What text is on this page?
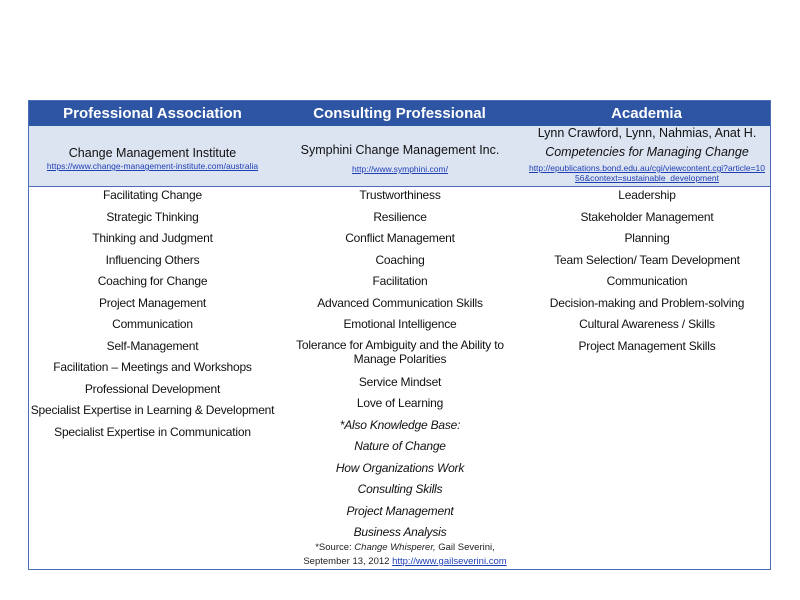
Professional Association	Consulting Professional	Academia
Change Management Institute
https://www.change-management-institute.com/australia
Symphini Change Management Inc.
http://www.symphini.com/
Lynn Crawford, Lynn, Nahmias, Anat H.
Competencies for Managing Change
http://epublications.bond.edu.au/cgi/viewcontent.cgi?article=10
56&context=sustainable_development
Facilitating Change
Strategic Thinking
Thinking and Judgment
Influencing Others
Coaching for Change
Project Management
Communication
Self-Management
Facilitation – Meetings and Workshops
Professional Development
Specialist Expertise in Learning & Development
Specialist Expertise in Communication
Trustworthiness
Resilience
Conflict Management
Coaching
Facilitation
Advanced Communication Skills
Emotional Intelligence
Tolerance for Ambiguity and the Ability to Manage Polarities
Service Mindset
Love of Learning
*Also Knowledge Base:
Nature of Change
How Organizations Work
Consulting Skills
Project Management
Business Analysis
Leadership
Stakeholder Management
Planning
Team Selection/ Team Development
Communication
Decision-making and Problem-solving
Cultural Awareness / Skills
Project Management Skills
*Source: Change Whisperer, Gail Severini,
September 13, 2012 http://www.gailseverini.com
